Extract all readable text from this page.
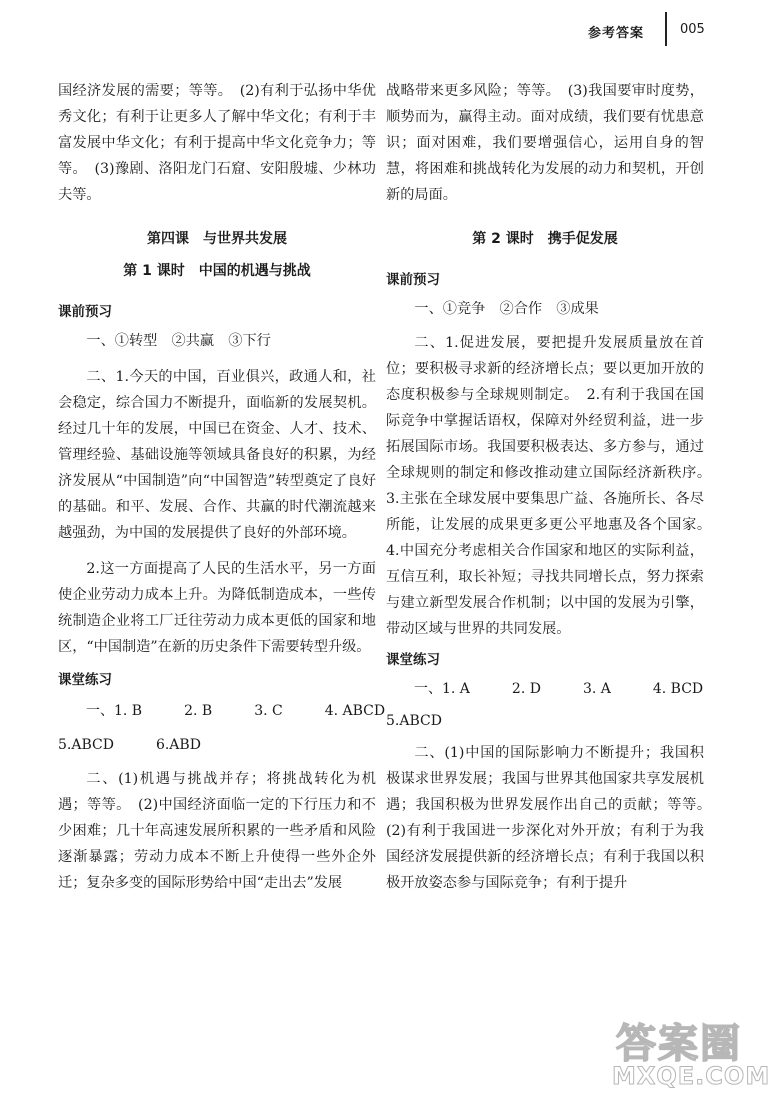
参考答案	005

国经济发展的需要；等等。　(2)有利于弘扬中华优秀文化；有利于让更多人了解中华文化；有利于丰富发展中华文化；有利于提高中华文化竞争力；等等。　(3)豫剧、洛阳龙门石窟、安阳殷墟、少林功夫等。

第四课　与世界共发展

第 1 课时　中国的机遇与挑战

课前预习

一、①转型　②共赢　③下行

二、1.今天的中国，百业俱兴，政通人和，社会稳定，综合国力不断提升，面临新的发展契机。经过几十年的发展，中国已在资金、人才、技术、管理经验、基础设施等领域具备良好的积累，为经济发展从“中国制造”向“中国智造”转型奠定了良好的基础。和平、发展、合作、共赢的时代潮流越来越强劲，为中国的发展提供了良好的外部环境。

2.这一方面提高了人民的生活水平，另一方面使企业劳动力成本上升。为降低制造成本，一些传统制造企业将工厂迁往劳动力成本更低的国家和地区，“中国制造”在新的历史条件下需要转型升级。

课堂练习

一、1. B　　　2. B　　　3. C　　　4. ABCD

5.ABCD　　　6.ABD

二、(1)机遇与挑战并存；将挑战转化为机遇；等等。　(2)中国经济面临一定的下行压力和不少困难；几十年高速发展所积累的一些矛盾和风险逐渐暴露；劳动力成本不断上升使得一些外企外迁；复杂多变的国际形势给中国“走出去”发展

战略带来更多风险；等等。　(3)我国要审时度势，顺势而为，赢得主动。面对成绩，我们要有忧患意识；面对困难，我们要增强信心，运用自身的智慧，将困难和挑战转化为发展的动力和契机，开创新的局面。

第 2 课时　携手促发展

课前预习

一、①竞争　②合作　③成果

二、1.促进发展，要把提升发展质量放在首位；要积极寻求新的经济增长点；要以更加开放的态度积极参与全球规则制定。　2.有利于我国在国际竞争中掌握话语权，保障对外经贸利益，进一步拓展国际市场。我国要积极表达、多方参与，通过全球规则的制定和修改推动建立国际经济新秩序。　3.主张在全球发展中要集思广益、各施所长、各尽所能，让发展的成果更多更公平地惠及各个国家。　4.中国充分考虑相关合作国家和地区的实际利益，互信互利，取长补短；寻找共同增长点，努力探索与建立新型发展合作机制；以中国的发展为引擎，带动区域与世界的共同发展。

课堂练习

一、1. A　　　2. D　　　3. A　　　4. BCD

5.ABCD

二、(1)中国的国际影响力不断提升；我国积极谋求世界发展；我国与世界其他国家共享发展机遇；我国积极为世界发展作出自己的贡献；等等。　(2)有利于我国进一步深化对外开放；有利于为我国经济发展提供新的经济增长点；有利于我国以积极开放姿态参与国际竞争；有利于提升

答案圈
MXQE.COM
